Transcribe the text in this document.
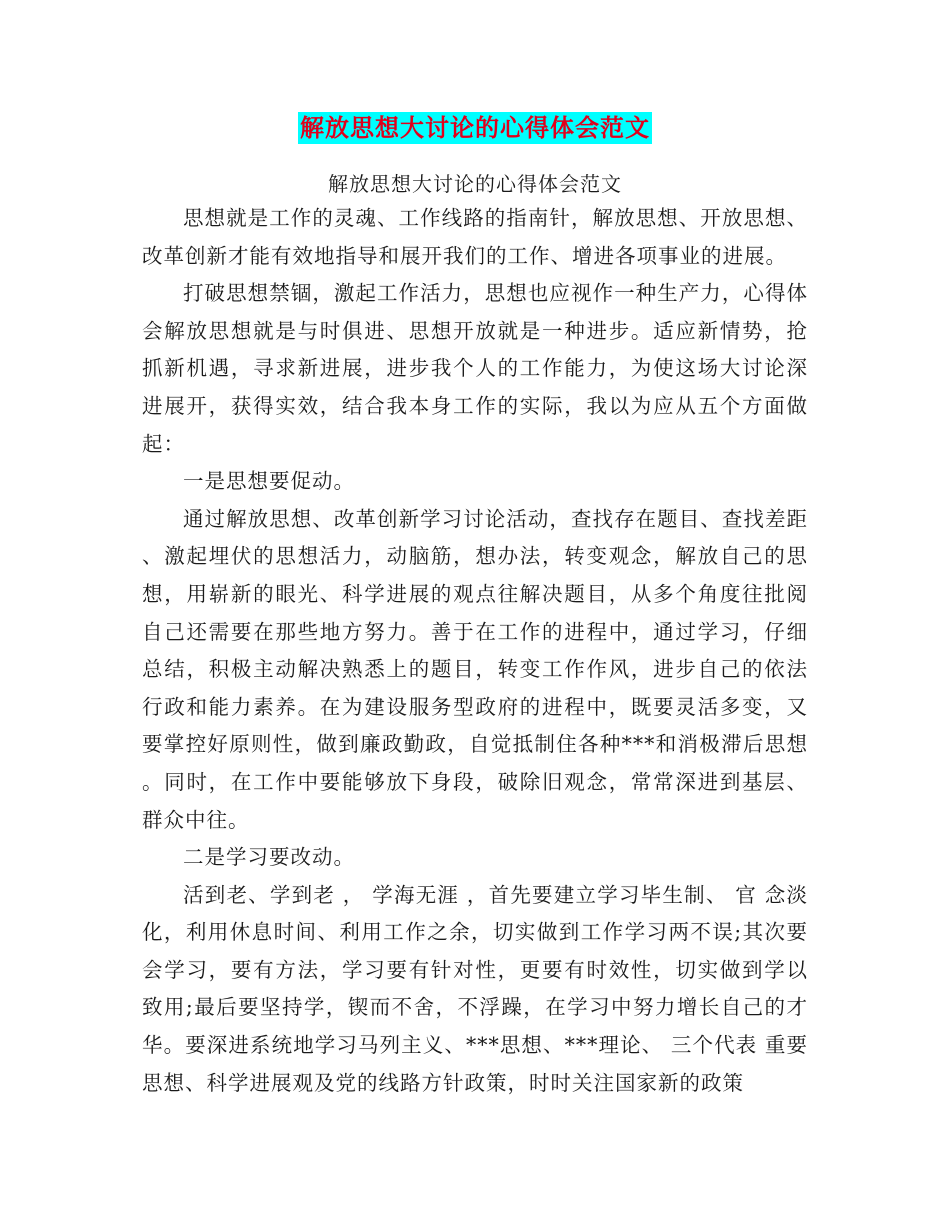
解放思想大讨论的心得体会范文
解放思想大讨论的心得体会范文

思想就是工作的灵魂、工作线路的指南针，解放思想、开放思想、改革创新才能有效地指导和展开我们的工作、增进各项事业的进展。

打破思想禁锢，激起工作活力，思想也应视作一种生产力，心得体会解放思想就是与时俱进、思想开放就是一种进步。适应新情势，抢抓新机遇，寻求新进展，进步我个人的工作能力，为使这场大讨论深进展开，获得实效，结合我本身工作的实际，我以为应从五个方面做起：

一是思想要促动。

通过解放思想、改革创新学习讨论活动，查找存在题目、查找差距、激起埋伏的思想活力，动脑筋，想办法，转变观念，解放自己的思想，用崭新的眼光、科学进展的观点往解决题目，从多个角度往批阅自己还需要在那些地方努力。善于在工作的进程中，通过学习，仔细总结，积极主动解决熟悉上的题目，转变工作作风，进步自己的依法行政和能力素养。在为建设服务型政府的进程中，既要灵活多变，又要掌控好原则性，做到廉政勤政，自觉抵制住各种***和消极滞后思想。同时，在工作中要能够放下身段，破除旧观念，常常深进到基层、群众中往。

二是学习要改动。

活到老、学到老 ， 学海无涯 ，首先要建立学习毕生制、 官 念淡化，利用休息时间、利用工作之余，切实做到工作学习两不误;其次要会学习，要有方法，学习要有针对性，更要有时效性，切实做到学以致用;最后要坚持学，锲而不舍，不浮躁，在学习中努力增长自己的才华。要深进系统地学习马列主义、***思想、***理论、 三个代表 重要思想、科学进展观及党的线路方针政策，时时关注国家新的政策
